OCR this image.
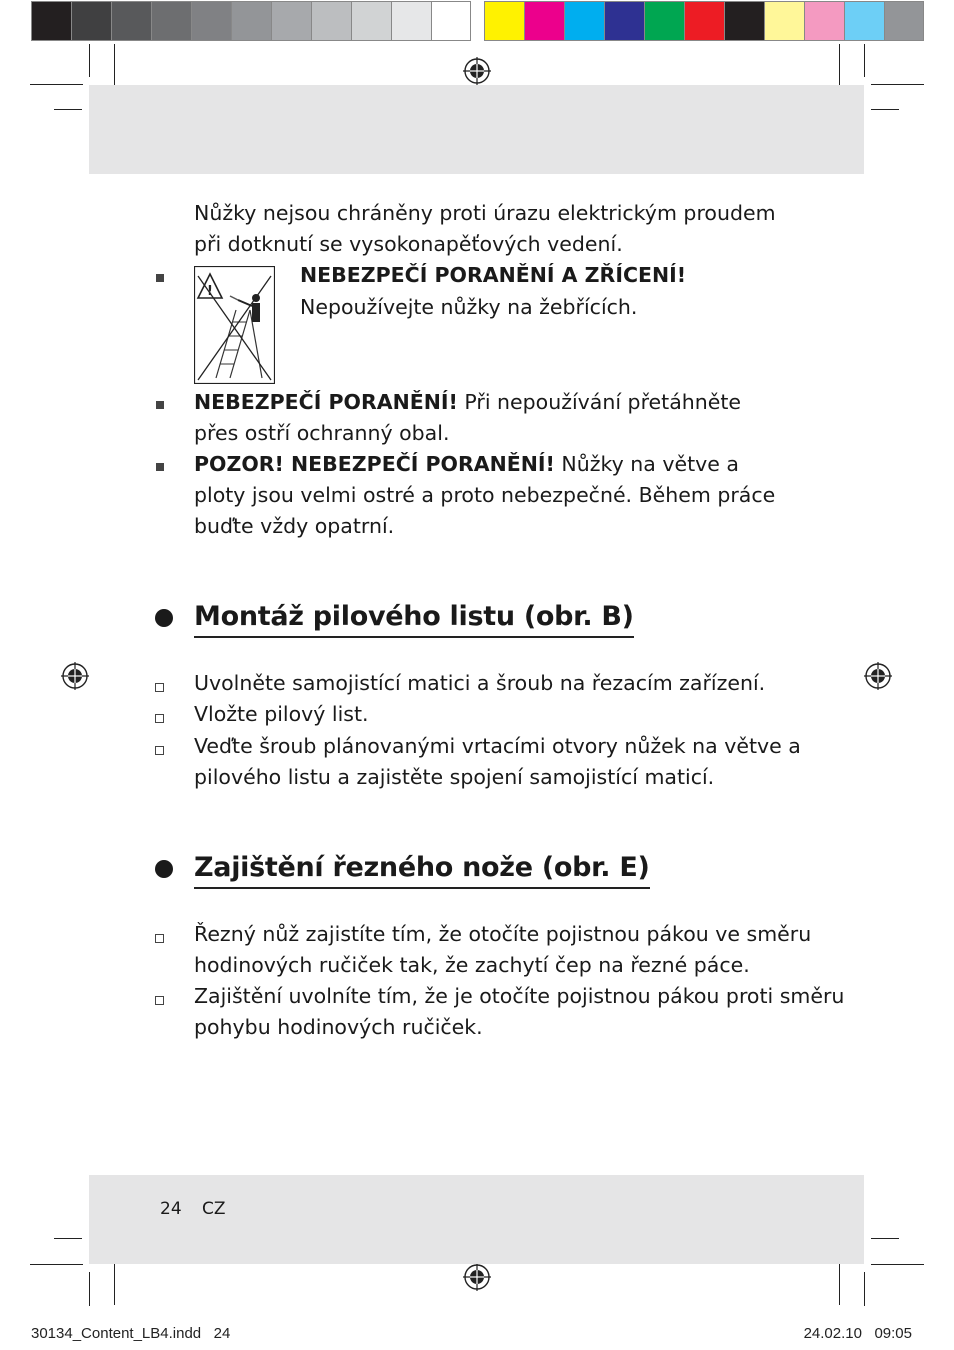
Nůžky nejsou chráněny proti úrazu elektrickým proudem
při dotknutí se vysokonapěťových vedení.
!
NEBEZPEČÍ PORANĚNÍ A ZŘÍCENÍ!
Nepoužívejte nůžky na žebřících.
NEBEZPEČÍ PORANĚNÍ! Při nepoužívání přetáhněte
přes ostří ochranný obal.
POZOR! NEBEZPEČÍ PORANĚNÍ! Nůžky na větve a
ploty jsou velmi ostré a proto nebezpečné. Během práce
buďte vždy opatrní.
Montáž pilového listu (obr. B)
Uvolněte samojistící matici a šroub na řezacím zařízení.
Vložte pilový list.
Veďte šroub plánovanými vrtacími otvory nůžek na větve a
pilového listu a zajistěte spojení samojistící maticí.
Zajištění řezného nože (obr. E)
Řezný nůž zajistíte tím, že otočíte pojistnou pákou ve směru
hodinových ručiček tak, že zachytí čep na řezné páce.
Zajištění uvolníte tím, že je otočíte pojistnou pákou proti směru
pohybu hodinových ručiček.
24 CZ
30134_Content_LB4.indd   24	24.02.10   09:05
